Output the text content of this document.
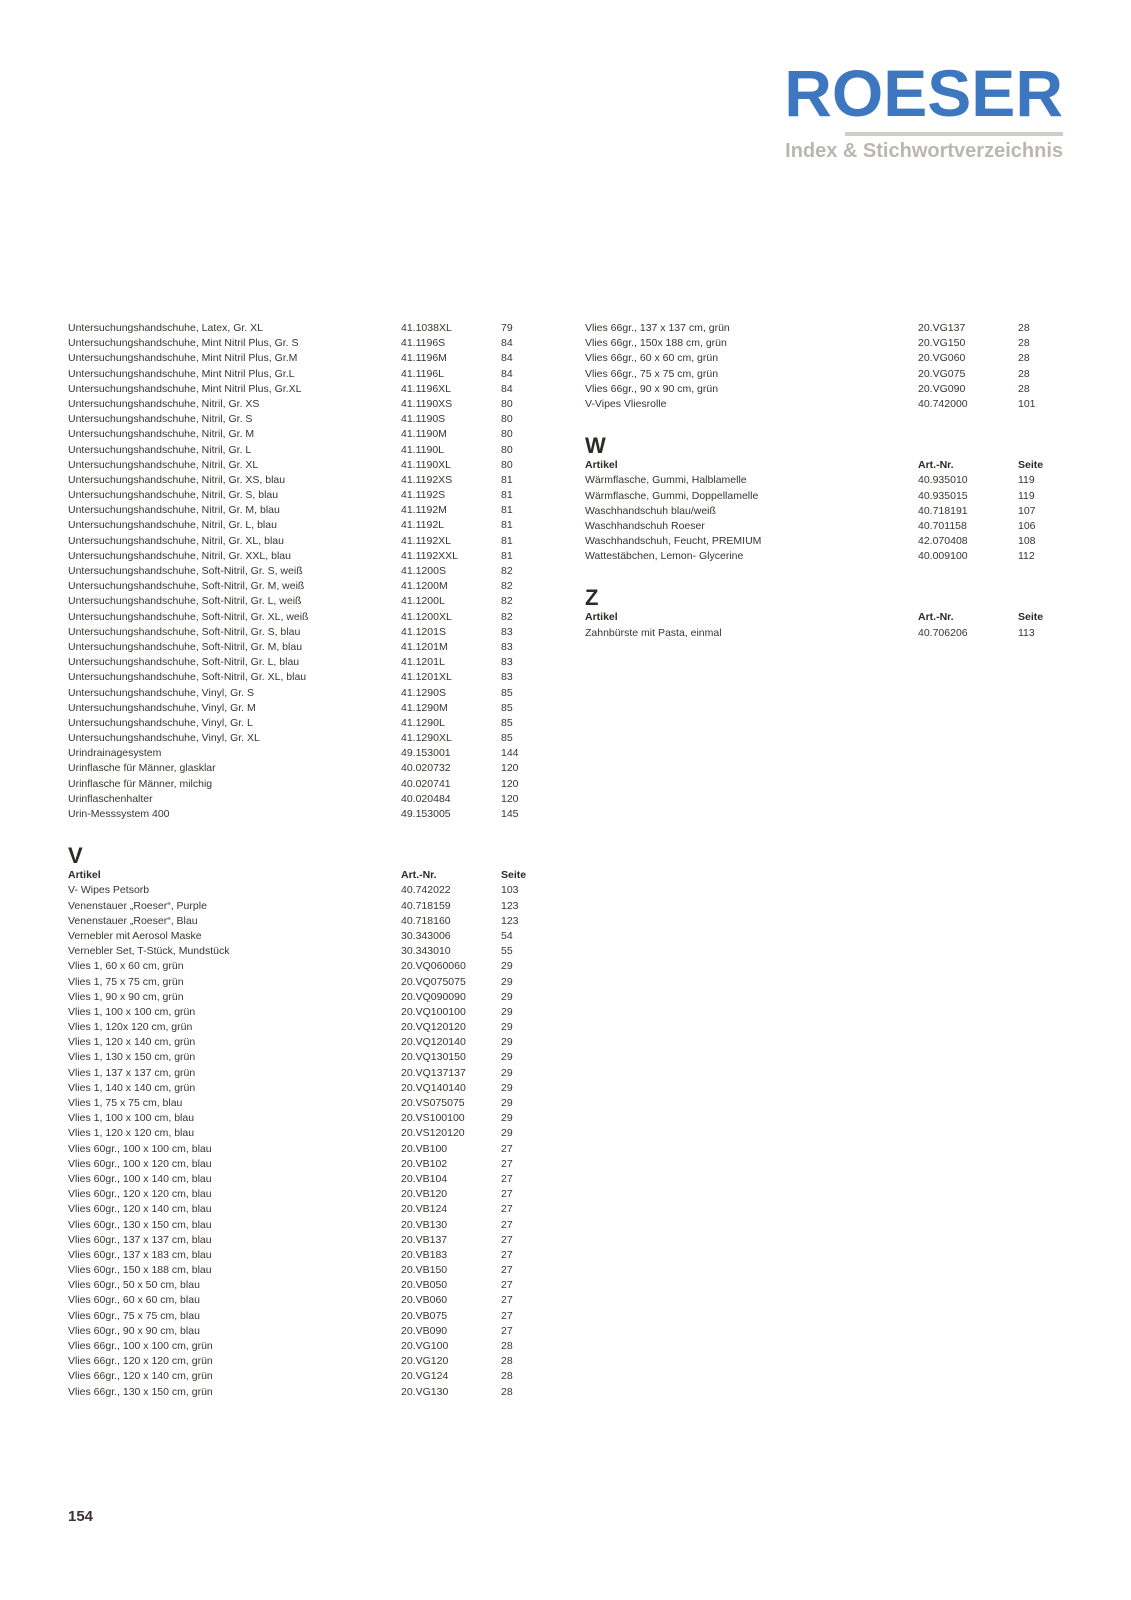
ROESER
Index & Stichwortverzeichnis
Untersuchungshandschuhe, Latex, Gr. XL	41.1038XL	79
Untersuchungshandschuhe, Mint Nitril Plus, Gr. S	41.1196S	84
Untersuchungshandschuhe, Mint Nitril Plus, Gr.M	41.1196M	84
Untersuchungshandschuhe, Mint Nitril Plus, Gr.L	41.1196L	84
Untersuchungshandschuhe, Mint Nitril Plus, Gr.XL	41.1196XL	84
Untersuchungshandschuhe, Nitril, Gr. XS	41.1190XS	80
Untersuchungshandschuhe, Nitril, Gr. S	41.1190S	80
Untersuchungshandschuhe, Nitril, Gr. M	41.1190M	80
Untersuchungshandschuhe, Nitril, Gr. L	41.1190L	80
Untersuchungshandschuhe, Nitril, Gr. XL	41.1190XL	80
Untersuchungshandschuhe, Nitril, Gr. XS, blau	41.1192XS	81
Untersuchungshandschuhe, Nitril, Gr. S, blau	41.1192S	81
Untersuchungshandschuhe, Nitril, Gr. M, blau	41.1192M	81
Untersuchungshandschuhe, Nitril, Gr. L, blau	41.1192L	81
Untersuchungshandschuhe, Nitril, Gr. XL, blau	41.1192XL	81
Untersuchungshandschuhe, Nitril, Gr. XXL, blau	41.1192XXL	81
Untersuchungshandschuhe, Soft-Nitril, Gr. S, weiß	41.1200S	82
Untersuchungshandschuhe, Soft-Nitril, Gr. M, weiß	41.1200M	82
Untersuchungshandschuhe, Soft-Nitril, Gr. L, weiß	41.1200L	82
Untersuchungshandschuhe, Soft-Nitril, Gr. XL, weiß	41.1200XL	82
Untersuchungshandschuhe, Soft-Nitril, Gr. S, blau	41.1201S	83
Untersuchungshandschuhe, Soft-Nitril, Gr. M, blau	41.1201M	83
Untersuchungshandschuhe, Soft-Nitril, Gr. L, blau	41.1201L	83
Untersuchungshandschuhe, Soft-Nitril, Gr. XL, blau	41.1201XL	83
Untersuchungshandschuhe, Vinyl, Gr. S	41.1290S	85
Untersuchungshandschuhe, Vinyl, Gr. M	41.1290M	85
Untersuchungshandschuhe, Vinyl, Gr. L	41.1290L	85
Untersuchungshandschuhe, Vinyl, Gr. XL	41.1290XL	85
Urindrainagesystem	49.153001	144
Urinflasche für Männer, glasklar	40.020732	120
Urinflasche für Männer, milchig	40.020741	120
Urinflaschenhalter	40.020484	120
Urin-Messsystem 400	49.153005	145
V
Artikel	Art.-Nr.	Seite
V- Wipes Petsorb	40.742022	103
Venenstauer „Roeser“, Purple	40.718159	123
Venenstauer „Roeser“, Blau	40.718160	123
Vernebler mit Aerosol Maske	30.343006	54
Vernebler Set, T-Stück, Mundstück	30.343010	55
Vlies 1, 60 x 60 cm, grün	20.VQ060060	29
Vlies 1, 75 x 75 cm, grün	20.VQ075075	29
Vlies 1, 90 x 90 cm, grün	20.VQ090090	29
Vlies 1, 100 x 100 cm, grün	20.VQ100100	29
Vlies 1, 120x 120 cm, grün	20.VQ120120	29
Vlies 1, 120 x 140 cm, grün	20.VQ120140	29
Vlies 1, 130 x 150 cm, grün	20.VQ130150	29
Vlies 1, 137 x 137 cm, grün	20.VQ137137	29
Vlies 1, 140 x 140 cm, grün	20.VQ140140	29
Vlies 1, 75 x 75 cm, blau	20.VS075075	29
Vlies 1, 100 x 100 cm, blau	20.VS100100	29
Vlies 1, 120 x 120 cm, blau	20.VS120120	29
Vlies 60gr., 100 x 100 cm, blau	20.VB100	27
Vlies 60gr., 100 x 120 cm, blau	20.VB102	27
Vlies 60gr., 100 x 140 cm, blau	20.VB104	27
Vlies 60gr., 120 x 120 cm, blau	20.VB120	27
Vlies 60gr., 120 x 140 cm, blau	20.VB124	27
Vlies 60gr., 130 x 150 cm, blau	20.VB130	27
Vlies 60gr., 137 x 137 cm, blau	20.VB137	27
Vlies 60gr., 137 x 183 cm, blau	20.VB183	27
Vlies 60gr., 150 x 188 cm, blau	20.VB150	27
Vlies 60gr., 50 x 50 cm, blau	20.VB050	27
Vlies 60gr., 60 x 60 cm, blau	20.VB060	27
Vlies 60gr., 75 x 75 cm, blau	20.VB075	27
Vlies 60gr., 90 x 90 cm, blau	20.VB090	27
Vlies 66gr., 100 x 100 cm, grün	20.VG100	28
Vlies 66gr., 120 x 120 cm, grün	20.VG120	28
Vlies 66gr., 120 x 140 cm, grün	20.VG124	28
Vlies 66gr., 130 x 150 cm, grün	20.VG130	28
Vlies 66gr., 137 x 137 cm, grün	20.VG137	28
Vlies 66gr., 150x 188 cm, grün	20.VG150	28
Vlies 66gr., 60 x 60 cm, grün	20.VG060	28
Vlies 66gr., 75 x 75 cm, grün	20.VG075	28
Vlies 66gr., 90 x 90 cm, grün	20.VG090	28
V-Vipes Vliesrolle	40.742000	101
W
Artikel	Art.-Nr.	Seite
Wärmflasche, Gummi, Halblamelle	40.935010	119
Wärmflasche, Gummi, Doppellamelle	40.935015	119
Waschhandschuh blau/weiß	40.718191	107
Waschhandschuh Roeser	40.701158	106
Waschhandschuh, Feucht, PREMIUM	42.070408	108
Wattestäbchen, Lemon- Glycerine	40.009100	112
Z
Artikel	Art.-Nr.	Seite
Zahnbürste mit Pasta, einmal	40.706206	113
154
